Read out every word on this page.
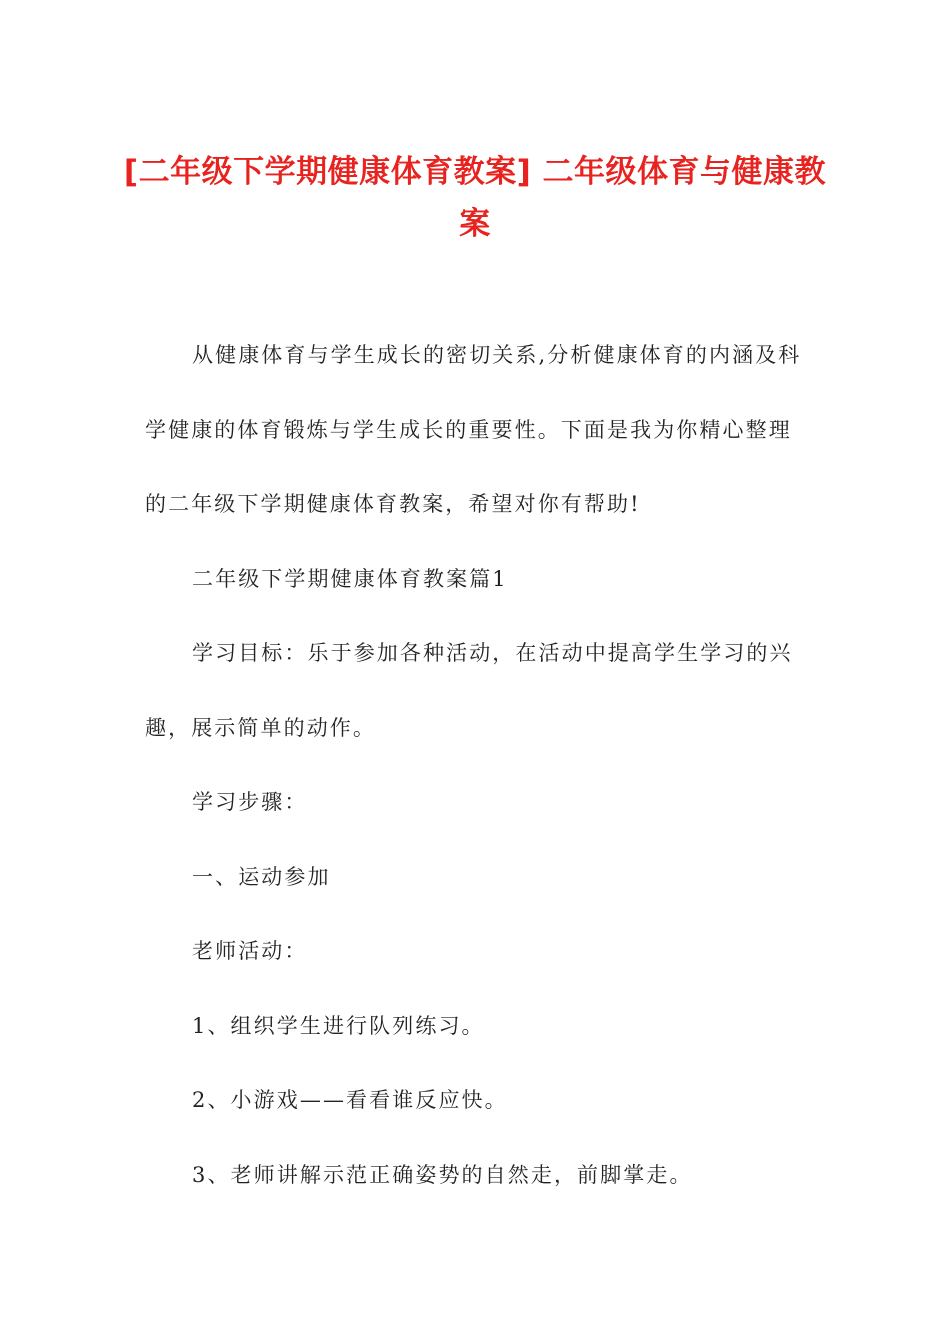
[二年级下学期健康体育教案] 二年级体育与健康教案

从健康体育与学生成长的密切关系,分析健康体育的内涵及科学健康的体育锻炼与学生成长的重要性。下面是我为你精心整理的二年级下学期健康体育教案，希望对你有帮助!

二年级下学期健康体育教案篇1

学习目标：乐于参加各种活动，在活动中提高学生学习的兴趣，展示简单的动作。

学习步骤：

一、运动参加

老师活动：

1、组织学生进行队列练习。

2、小游戏——看看谁反应快。

3、老师讲解示范正确姿势的自然走，前脚掌走。
